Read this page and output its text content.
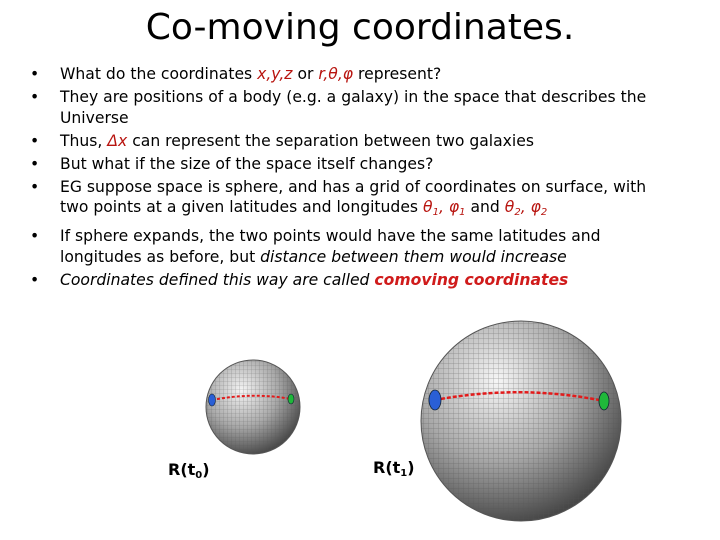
Co-moving coordinates.
•	What do the coordinates x,y,z or r,θ,φ represent?
•	They are positions of a body (e.g. a galaxy) in the space that describes the Universe
•	Thus, Δx can represent the separation between two galaxies
•	But what if the size of the space itself changes?
•	EG suppose space is sphere, and has a grid of coordinates on surface, with two points at a given latitudes and longitudes $\theta_1$, $\varphi_1$ and $\theta_2$, $\varphi_2$
•	If sphere expands, the two points would have the same latitudes and longitudes as before, but distance between them would increase
•	Coordinates defined this way are called comoving coordinates
$R(t_0)$	$R(t_1)$
